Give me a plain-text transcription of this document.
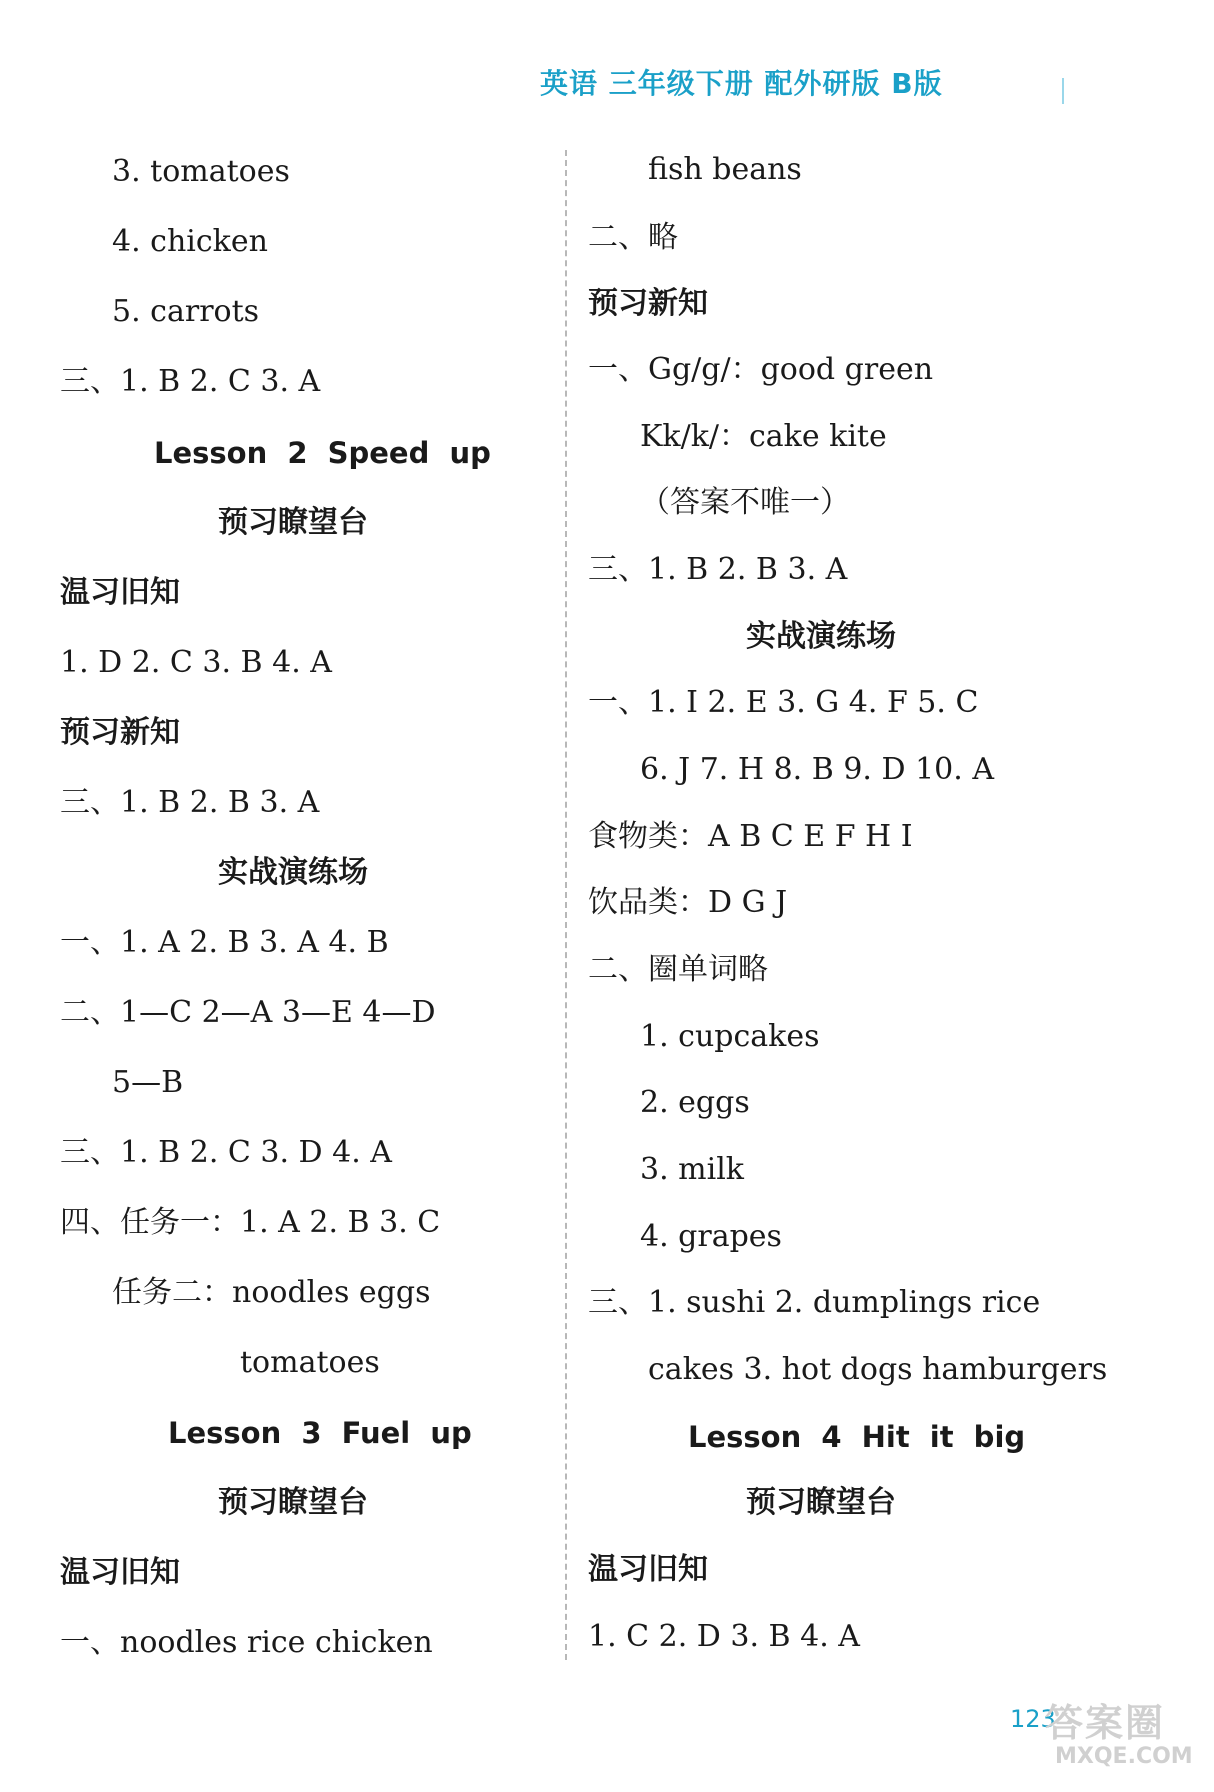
英语 三年级下册 配外研版 B版
3. tomatoes
4. chicken
5. carrots
三、1. B 2. C 3. A
Lesson 2 Speed up
预习瞭望台
温习旧知
1. D 2. C 3. B 4. A
预习新知
三、1. B 2. B 3. A
实战演练场
一、1. A 2. B 3. A 4. B
二、1—C 2—A 3—E 4—D
5—B
三、1. B 2. C 3. D 4. A
四、任务一：1. A 2. B 3. C
任务二：noodles eggs
tomatoes
Lesson 3 Fuel up
预习瞭望台
温习旧知
一、noodles rice chicken
fish beans
二、略
预习新知
一、Gg/g/：good green
Kk/k/：cake kite
（答案不唯一）
三、1. B 2. B 3. A
实战演练场
一、1. I 2. E 3. G 4. F 5. C
6. J 7. H 8. B 9. D 10. A
食物类：A B C E F H I
饮品类：D G J
二、圈单词略
1. cupcakes
2. eggs
3. milk
4. grapes
三、1. sushi 2. dumplings rice
cakes 3. hot dogs hamburgers
Lesson 4 Hit it big
预习瞭望台
温习旧知
1. C 2. D 3. B 4. A
123
答案圈
MXQE.COM
